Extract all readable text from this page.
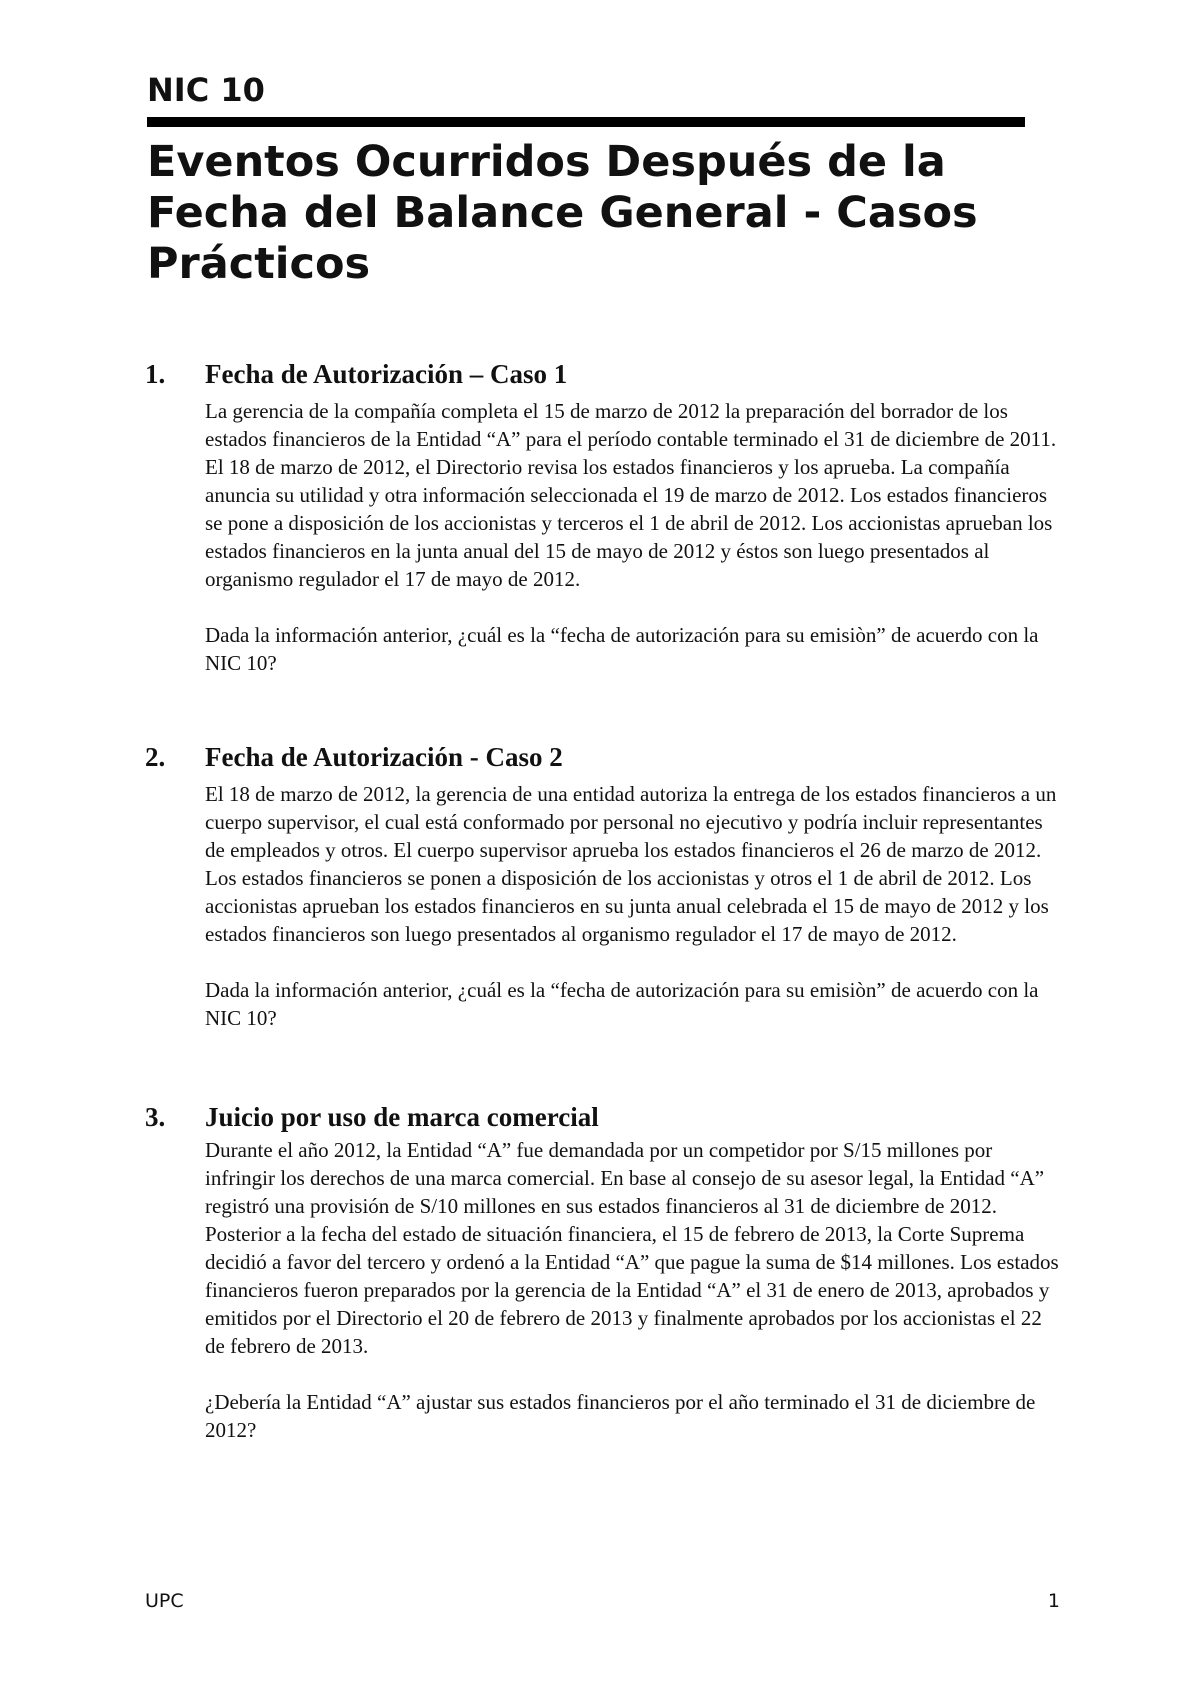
NIC 10
Eventos Ocurridos Después de la Fecha del Balance General - Casos Prácticos
1.	Fecha de Autorización – Caso 1

La gerencia de la compañía completa el 15 de marzo de 2012 la preparación del borrador de los estados financieros de la Entidad “A” para el período contable terminado el 31 de diciembre de 2011. El 18 de marzo de 2012, el Directorio revisa los estados financieros y los aprueba. La compañía anuncia su utilidad y otra información seleccionada el 19 de marzo de 2012. Los estados financieros se pone a disposición de los accionistas y terceros el 1 de abril de 2012. Los accionistas aprueban los estados financieros en la junta anual del 15 de mayo de 2012 y éstos son luego presentados al organismo regulador el 17 de mayo de 2012.

Dada la información anterior, ¿cuál es la “fecha de autorización para su emisiòn” de acuerdo con la NIC 10?

2.	Fecha de Autorización - Caso 2

El 18 de marzo de 2012, la gerencia de una entidad autoriza la entrega de los estados financieros a un cuerpo supervisor, el cual está conformado por personal no ejecutivo y podría incluir representantes de empleados y otros. El cuerpo supervisor aprueba los estados financieros el 26 de marzo de 2012. Los estados financieros se ponen a disposición de los accionistas y otros el 1 de abril de 2012. Los accionistas aprueban los estados financieros en su junta anual celebrada el 15 de mayo de 2012 y los estados financieros son luego presentados al organismo regulador el 17 de mayo de 2012.

Dada la información anterior, ¿cuál es la “fecha de autorización para su emisiòn” de acuerdo con la NIC 10?

3.	Juicio por uso de marca comercial

Durante el año 2012, la Entidad “A” fue demandada por un competidor por S/15 millones por infringir los derechos de una marca comercial. En base al consejo de su asesor legal, la Entidad “A” registró una provisión de S/10 millones en sus estados financieros al 31 de diciembre de 2012. Posterior a la fecha del estado de situación financiera, el 15 de febrero de 2013, la Corte Suprema decidió a favor del tercero y ordenó a la Entidad “A” que pague la suma de $14 millones. Los estados financieros fueron preparados por la gerencia de la Entidad “A” el 31 de enero de 2013, aprobados y emitidos por el Directorio el 20 de febrero de 2013 y finalmente aprobados por los accionistas el 22 de febrero de 2013.

¿Debería la Entidad “A” ajustar sus estados financieros por el año terminado el 31 de diciembre de 2012?

UPC	1
